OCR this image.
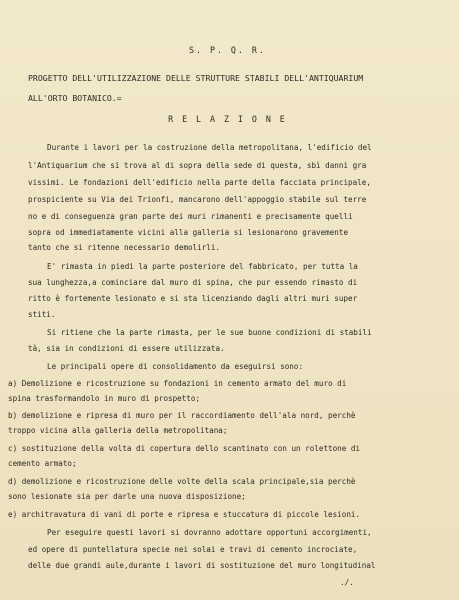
S. P. Q. R.
PROGETTO DELL'UTILIZZAZIONE DELLE STRUTTURE STABILI DELL'ANTIQUARIUM
ALL'ORTO BOTANICO.=
R E L A Z I O N E
Durante i lavori per la costruzione della metropolitana, l'edificio del
l'Antiquarium che si trova al di sopra della sede di questa, sbì danni gra
vissimi. Le fondazioni dell'edificio nella parte della facciata principale,
prospiciente su Via dei Trionfi, mancarono dell'appoggio stabile sul terre
no e di conseguenza gran parte dei muri rimanenti e precisamente quelli
sopra od immediatamente vicini alla galleria si lesionarono gravemente
tanto che si ritenne necessario demolirli.
E' rimasta in piedi la parte posteriore del fabbricato, per tutta la
sua lunghezza,a cominciare dal muro di spina, che pur essendo rimasto di
ritto è fortemente lesionato e si sta licenziando dagli altri muri super
stiti.
Si ritiene che la parte rimasta, per le sue buone condizioni di stabili
tà, sia in condizioni di essere utilizzata.
Le principali opere di consolidamento da eseguirsi sono:
a) Demolizione e ricostruzione su fondazioni in cemento armato del muro di
spina trasformandolo in muro di prospetto;
b) demolizione e ripresa di muro per il raccordiamento dell'ala nord, perchè
troppo vicina alla galleria della metropolitana;
c) sostituzione della volta di copertura dello scantinato con un rolettone di
cemento armato;
d) demolizione e ricostruzione delle volte della scala principale,sia perchè
sono lesionate sia per darle una nuova disposizione;
e) architravatura di vani di porte e ripresa e stuccatura di piccole lesioni.
Per eseguire questi lavori si dovranno adottare opportuni accorgimenti,
ed opere di puntellatura specie nei solai e travi di cemento incrociate,
delle due grandi aule,durante i lavori di sostituzione del muro longitudinal
./.
